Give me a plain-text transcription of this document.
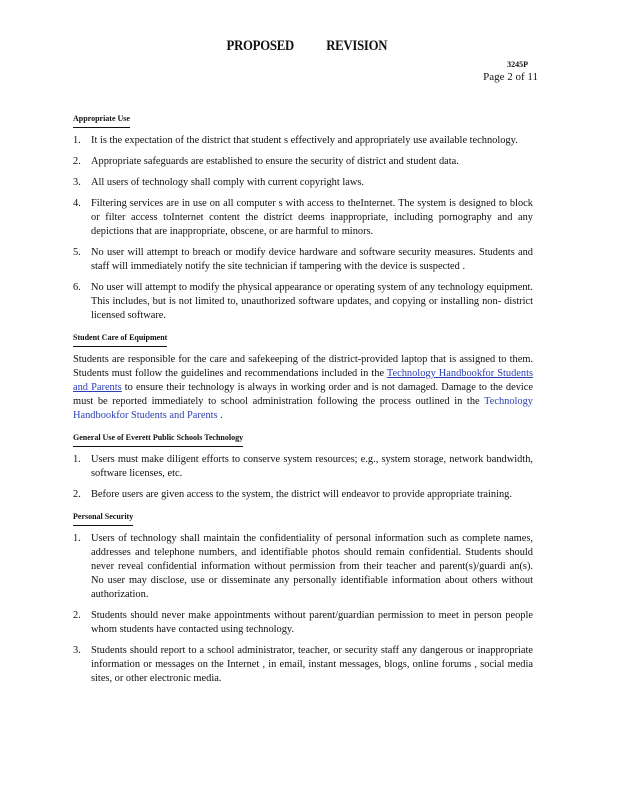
PROPOSED REVISION
3245P
Page 2 of 11
Appropriate Use
1. It is the expectation of the district that student s effectively and appropriately use available technology.
2. Appropriate safeguards are established to ensure the security of district and student data.
3. All users of technology shall comply with current copyright laws.
4. Filtering services are in use on all computer s with access to theInternet. The system is designed to block or filter access toInternet content the district deems inappropriate, including pornography and any depictions that are inappropriate, obscene, or are harmful to minors.
5. No user will attempt to breach or modify device hardware and software security measures. Students and staff will immediately notify the site technician if tampering with the device is suspected .
6. No user will attempt to modify the physical appearance or operating system of any technology equipment. This includes, but is not limited to, unauthorized software updates, and copying or installing non- district licensed software.
Student Care of Equipment
Students are responsible for the care and safekeeping of the district-provided laptop that is assigned to them. Students must follow the guidelines and recommendations included in the Technology Handbookfor Students and Parents to ensure their technology is always in working order and is not damaged. Damage to the device must be reported immediately to school administration following the process outlined in the Technology Handbookfor Students and Parents .
General Use of Everett Public Schools Technology
1. Users must make diligent efforts to conserve system resources; e.g., system storage, network bandwidth, software licenses, etc.
2. Before users are given access to the system, the district will endeavor to provide appropriate training.
Personal Security
1. Users of technology shall maintain the confidentiality of personal information such as complete names, addresses and telephone numbers, and identifiable photos should remain confidential. Students should never reveal confidential information without permission from their teacher and parent(s)/guardi an(s). No user may disclose, use or disseminate any personally identifiable information about others without authorization.
2. Students should never make appointments without parent/guardian permission to meet in person people whom students have contacted using technology.
3. Students should report to a school administrator, teacher, or security staff any dangerous or inappropriate information or messages on the Internet , in email, instant messages, blogs, online forums , social media sites, or other electronic media.
